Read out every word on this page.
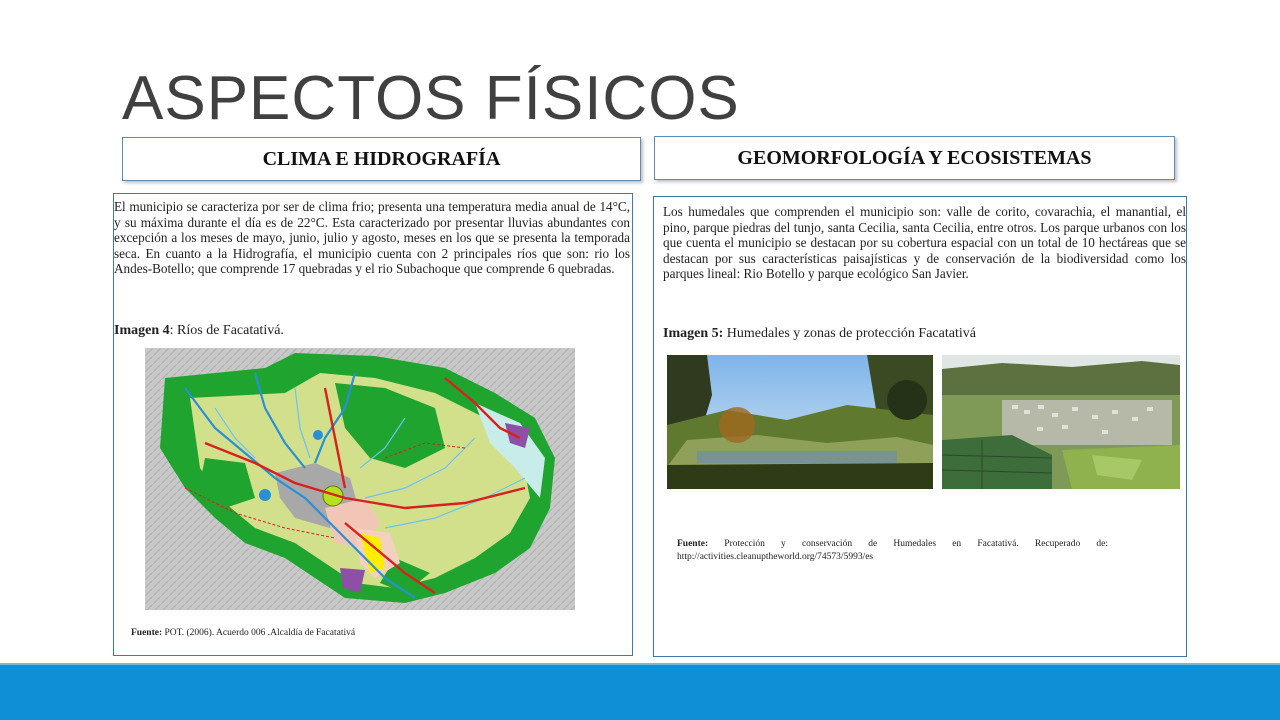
ASPECTOS FÍSICOS
CLIMA E HIDROGRAFÍA	GEOMORFOLOGÍA Y ECOSISTEMAS

El municipio se caracteriza por ser de clima frio; presenta una temperatura media anual de 14°C, y su máxima durante el día es de 22°C. Esta caracterizado por presentar lluvias abundantes con excepción a los meses de mayo, junio, julio y agosto, meses en los que se presenta la temporada seca. En cuanto a la Hidrografía, el municipio cuenta con 2 principales ríos que son: rio los Andes-Botello; que comprende 17 quebradas y el rio Subachoque que comprende 6 quebradas.

Imagen 4: Ríos de Facatativá.

Fuente: POT. (2006). Acuerdo 006 .Alcaldía de Facatativá

Los humedales que comprenden el municipio son: valle de corito, covarachia, el manantial, el pino, parque piedras del tunjo, santa Cecilia, santa Cecilia, entre otros. Los parque urbanos con los que cuenta el municipio se destacan por su cobertura espacial con un total de 10 hectáreas que se destacan por sus características paisajísticas y de conservación de la biodiversidad como los parques lineal: Rio Botello y parque ecológico San Javier.

Imagen 5: Humedales y zonas de protección Facatativá

Fuente: Protección y conservación de Humedales en Facatativá. Recuperado de: http://activities.cleanuptheworld.org/74573/5993/es
